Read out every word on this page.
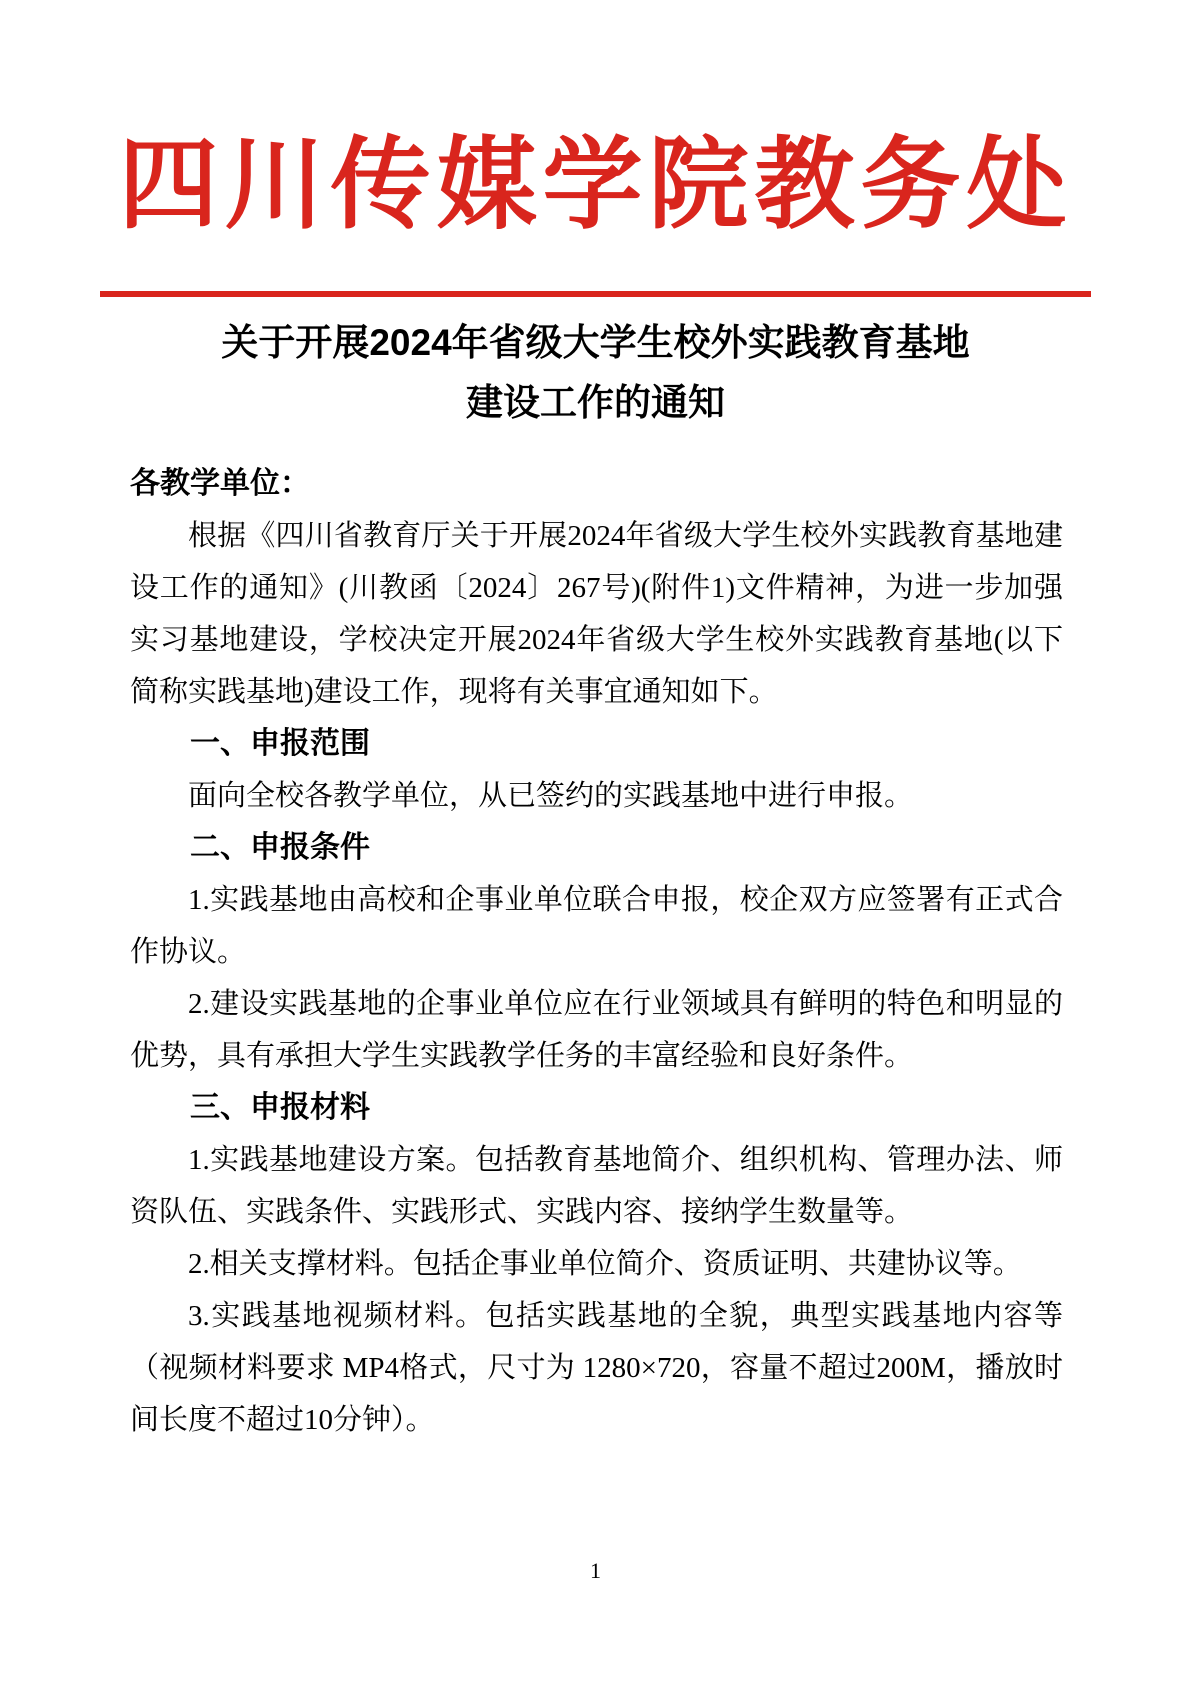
四川传媒学院教务处
关于开展2024年省级大学生校外实践教育基地
建设工作的通知
各教学单位：

根据《四川省教育厅关于开展2024年省级大学生校外实践教育基地建设工作的通知》(川教函〔2024〕267号)(附件1)文件精神，为进一步加强实习基地建设，学校决定开展2024年省级大学生校外实践教育基地(以下简称实践基地)建设工作，现将有关事宜通知如下。

一、申报范围

面向全校各教学单位，从已签约的实践基地中进行申报。

二、申报条件

1.实践基地由高校和企事业单位联合申报，校企双方应签署有正式合作协议。

2.建设实践基地的企事业单位应在行业领域具有鲜明的特色和明显的优势，具有承担大学生实践教学任务的丰富经验和良好条件。

三、申报材料

1.实践基地建设方案。包括教育基地简介、组织机构、管理办法、师资队伍、实践条件、实践形式、实践内容、接纳学生数量等。

2.相关支撑材料。包括企事业单位简介、资质证明、共建协议等。

3.实践基地视频材料。包括实践基地的全貌，典型实践基地内容等（视频材料要求 MP4格式，尺寸为 1280×720，容量不超过200M，播放时间长度不超过10分钟）。

1
